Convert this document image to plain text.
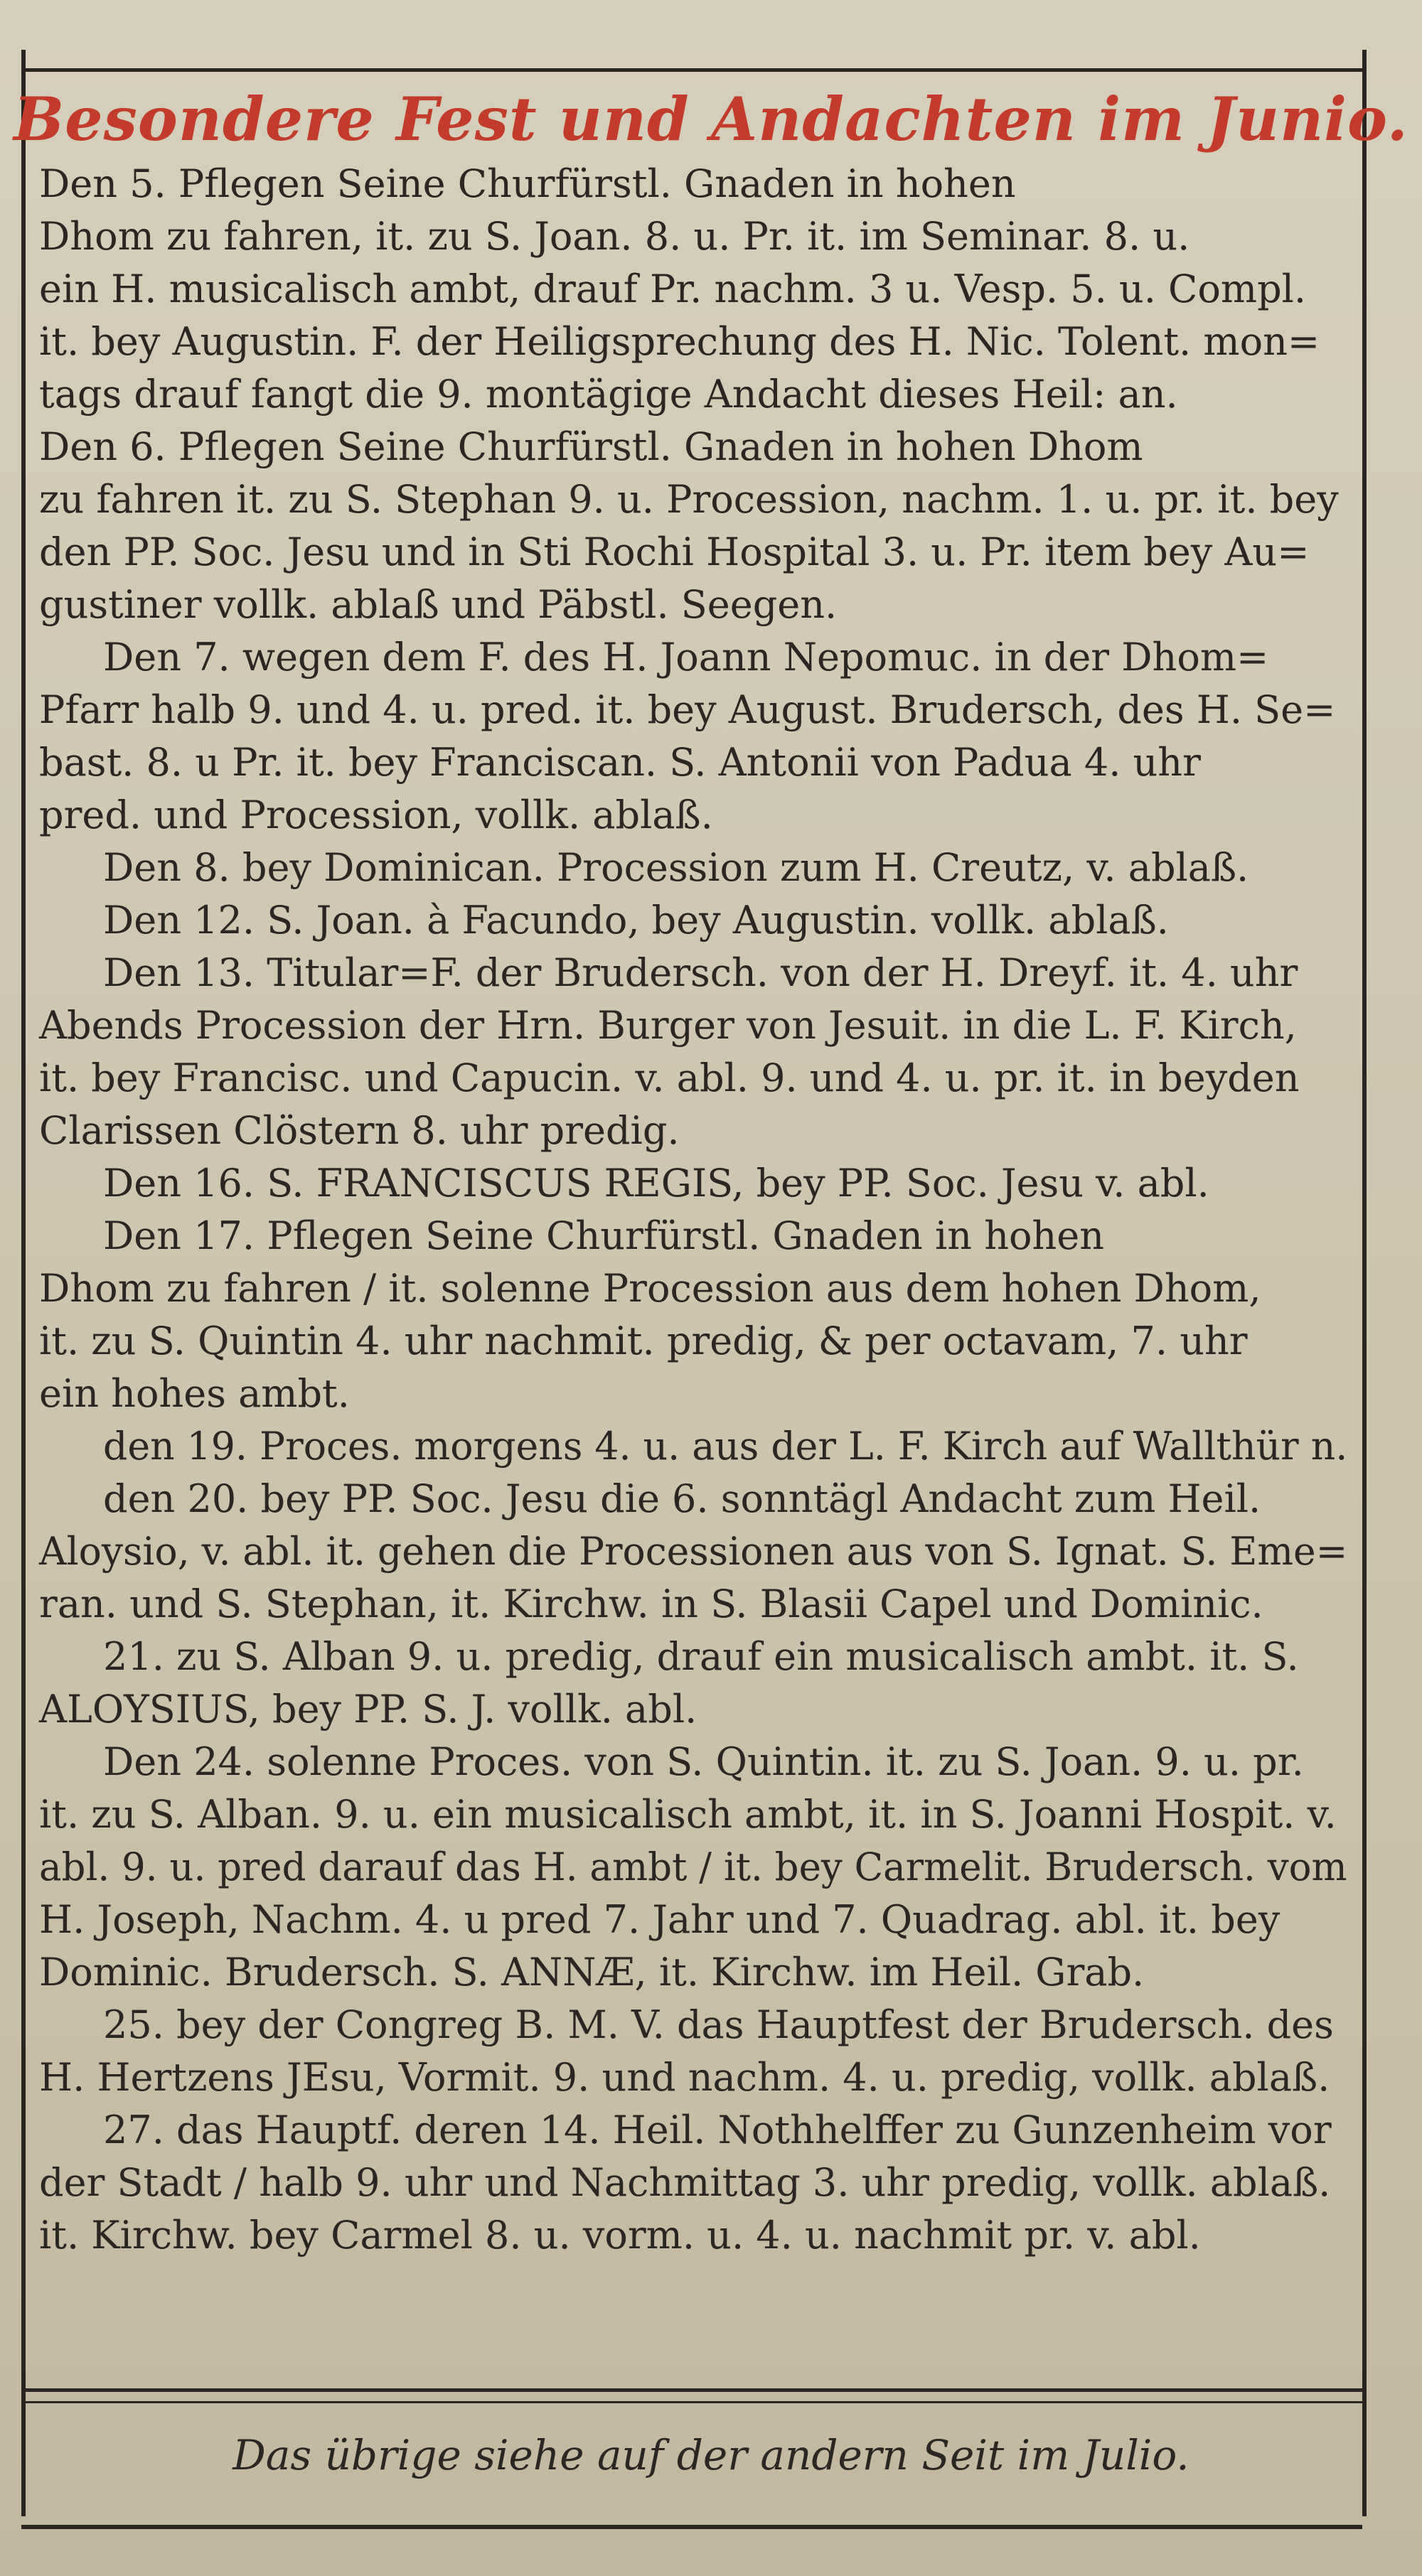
Besondere Fest und Andachten im Junio.
Den 5. Pflegen Seine Churfürstl. Gnaden in hohen
Dhom zu fahren, it. zu S. Joan. 8. u. Pr. it. im Seminar. 8. u.
ein H. musicalisch ambt, drauf Pr. nachm. 3 u. Vesp. 5. u. Compl.
it. bey Augustin. F. der Heiligsprechung des H. Nic. Tolent. mon=
tags drauf fangt die 9. montägige Andacht dieses Heil: an.
Den 6. Pflegen Seine Churfürstl. Gnaden in hohen Dhom
zu fahren it. zu S. Stephan 9. u. Procession, nachm. 1. u. pr. it. bey
den PP. Soc. Jesu und in Sti Rochi Hospital 3. u. Pr. item bey Au=
gustiner vollk. ablaß und Päbstl. Seegen.
Den 7. wegen dem F. des H. Joann Nepomuc. in der Dhom=
Pfarr halb 9. und 4. u. pred. it. bey August. Brudersch, des H. Se=
bast. 8. u Pr. it. bey Franciscan. S. Antonii von Padua 4. uhr
pred. und Procession, vollk. ablaß.
Den 8. bey Dominican. Procession zum H. Creutz, v. ablaß.
Den 12. S. Joan. à Facundo, bey Augustin. vollk. ablaß.
Den 13. Titular=F. der Brudersch. von der H. Dreyf. it. 4. uhr
Abends Procession der Hrn. Burger von Jesuit. in die L. F. Kirch,
it. bey Francisc. und Capucin. v. abl. 9. und 4. u. pr. it. in beyden
Clarissen Clöstern 8. uhr predig.
Den 16. S. FRANCISCUS REGIS, bey PP. Soc. Jesu v. abl.
Den 17. Pflegen Seine Churfürstl. Gnaden in hohen
Dhom zu fahren / it. solenne Procession aus dem hohen Dhom,
it. zu S. Quintin 4. uhr nachmit. predig, & per octavam, 7. uhr
ein hohes ambt.
den 19. Proces. morgens 4. u. aus der L. F. Kirch auf Wallthür n.
den 20. bey PP. Soc. Jesu die 6. sonntägl Andacht zum Heil.
Aloysio, v. abl. it. gehen die Processionen aus von S. Ignat. S. Eme=
ran. und S. Stephan, it. Kirchw. in S. Blasii Capel und Dominic.
21. zu S. Alban 9. u. predig, drauf ein musicalisch ambt. it. S.
ALOYSIUS, bey PP. S. J. vollk. abl.
Den 24. solenne Proces. von S. Quintin. it. zu S. Joan. 9. u. pr.
it. zu S. Alban. 9. u. ein musicalisch ambt, it. in S. Joanni Hospit. v.
abl. 9. u. pred darauf das H. ambt / it. bey Carmelit. Brudersch. vom
H. Joseph, Nachm. 4. u pred 7. Jahr und 7. Quadrag. abl. it. bey
Dominic. Brudersch. S. ANNÆ, it. Kirchw. im Heil. Grab.
25. bey der Congreg B. M. V. das Hauptfest der Brudersch. des
H. Hertzens JEsu, Vormit. 9. und nachm. 4. u. predig, vollk. ablaß.
27. das Hauptf. deren 14. Heil. Nothhelffer zu Gunzenheim vor
der Stadt / halb 9. uhr und Nachmittag 3. uhr predig, vollk. ablaß.
it. Kirchw. bey Carmel 8. u. vorm. u. 4. u. nachmit pr. v. abl.
Das übrige siehe auf der andern Seit im Julio.
